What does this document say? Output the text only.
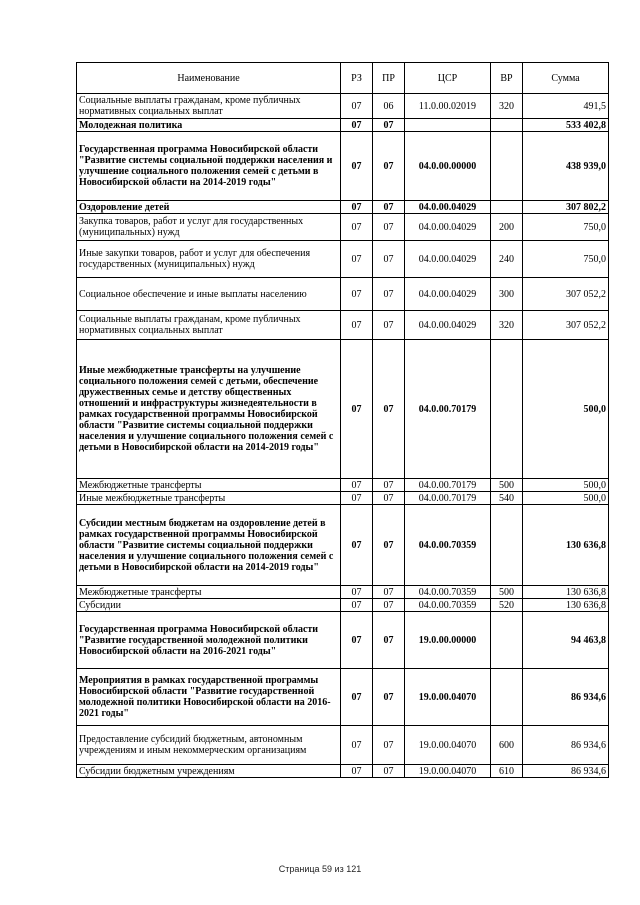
Наименование	РЗ	ПР	ЦСР	ВР	Сумма
Социальные выплаты гражданам, кроме публичных нормативных социальных выплат	07	06	11.0.00.02019	320	491,5
Молодежная политика	07	07			533 402,8
Государственная программа Новосибирской области "Развитие системы социальной поддержки населения и улучшение социального положения семей с детьми в Новосибирской области на 2014-2019 годы"	07	07	04.0.00.00000		438 939,0
Оздоровление детей	07	07	04.0.00.04029		307 802,2
Закупка товаров, работ и услуг для государственных (муниципальных) нужд	07	07	04.0.00.04029	200	750,0
Иные закупки товаров, работ и услуг для обеспечения государственных (муниципальных) нужд	07	07	04.0.00.04029	240	750,0
Социальное обеспечение и иные выплаты населению	07	07	04.0.00.04029	300	307 052,2
Социальные выплаты гражданам, кроме публичных нормативных социальных выплат	07	07	04.0.00.04029	320	307 052,2
Иные межбюджетные трансферты на улучшение социального положения семей с детьми, обеспечение дружественных семье и детству общественных отношений и инфраструктуры жизнедеятельности в рамках государственной программы Новосибирской области "Развитие системы социальной поддержки населения и улучшение социального положения семей с детьми в Новосибирской области на 2014-2019 годы"	07	07	04.0.00.70179		500,0
Межбюджетные трансферты	07	07	04.0.00.70179	500	500,0
Иные межбюджетные трансферты	07	07	04.0.00.70179	540	500,0
Субсидии местным бюджетам на оздоровление детей в рамках государственной программы Новосибирской области "Развитие системы социальной поддержки населения и улучшение социального положения семей с детьми в Новосибирской области на 2014-2019 годы"	07	07	04.0.00.70359		130 636,8
Межбюджетные трансферты	07	07	04.0.00.70359	500	130 636,8
Субсидии	07	07	04.0.00.70359	520	130 636,8
Государственная программа Новосибирской области "Развитие государственной молодежной политики Новосибирской области на 2016-2021 годы"	07	07	19.0.00.00000		94 463,8
Мероприятия в рамках государственной программы Новосибирской области "Развитие государственной молодежной политики Новосибирской области на 2016-2021 годы"	07	07	19.0.00.04070		86 934,6
Предоставление субсидий бюджетным, автономным учреждениям и иным некоммерческим организациям	07	07	19.0.00.04070	600	86 934,6
Субсидии бюджетным учреждениям	07	07	19.0.00.04070	610	86 934,6
Страница 59 из 121
